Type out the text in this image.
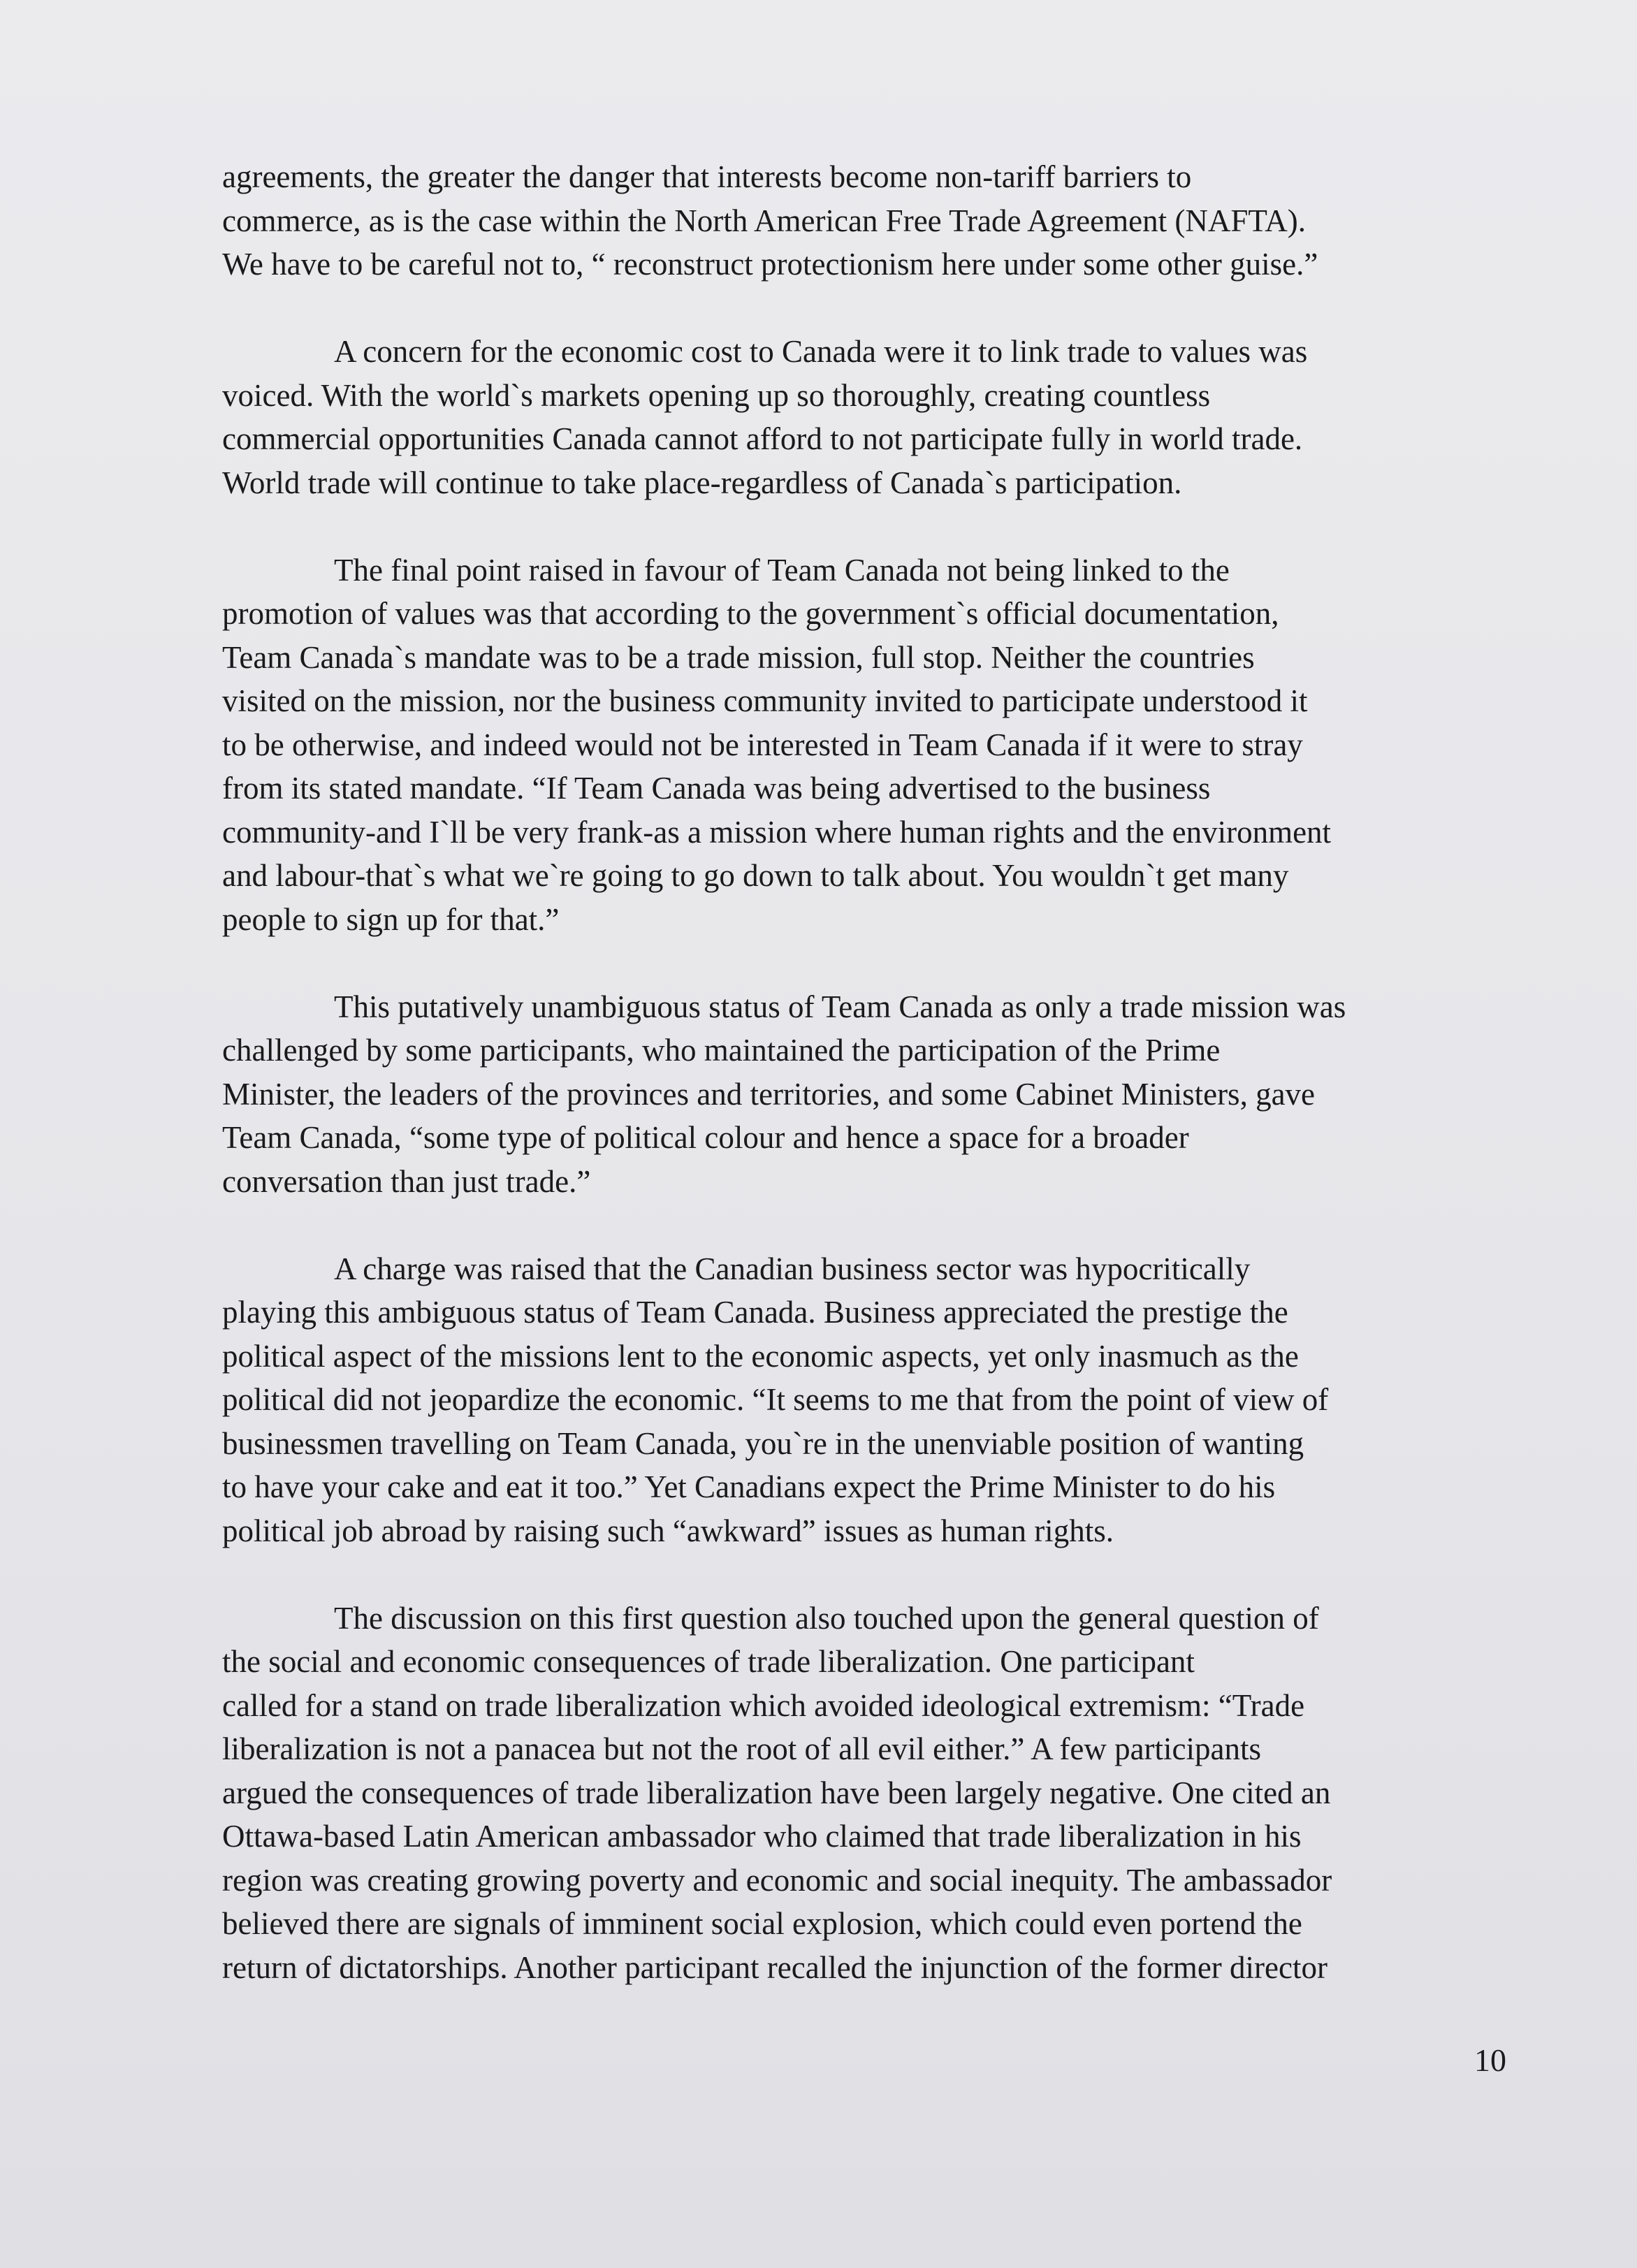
agreements, the greater the danger that interests become non-tariff barriers to
commerce, as is the case within the North American Free Trade Agreement (NAFTA).
We have to be careful not to, “ reconstruct protectionism here under some other guise.”
A concern for the economic cost to Canada were it to link trade to values was
voiced. With the world`s markets opening up so thoroughly, creating countless
commercial opportunities Canada cannot afford to not participate fully in world trade.
World trade will continue to take place-regardless of Canada`s participation.
The final point raised in favour of Team Canada not being linked to the
promotion of values was that according to the government`s official documentation,
Team Canada`s mandate was to be a trade mission, full stop. Neither the countries
visited on the mission, nor the business community invited to participate understood it
to be otherwise, and indeed would not be interested in Team Canada if it were to stray
from its stated mandate. “If Team Canada was being advertised to the business
community-and I`ll be very frank-as a mission where human rights and the environment
and labour-that`s what we`re going to go down to talk about. You wouldn`t get many
people to sign up for that.”
This putatively unambiguous status of Team Canada as only a trade mission was
challenged by some participants, who maintained the participation of the Prime
Minister, the leaders of the provinces and territories, and some Cabinet Ministers, gave
Team Canada, “some type of political colour and hence a space for a broader
conversation than just trade.”
A charge was raised that the Canadian business sector was hypocritically
playing this ambiguous status of Team Canada. Business appreciated the prestige the
political aspect of the missions lent to the economic aspects, yet only inasmuch as the
political did not jeopardize the economic. “It seems to me that from the point of view of
businessmen travelling on Team Canada, you`re in the unenviable position of wanting
to have your cake and eat it too.” Yet Canadians expect the Prime Minister to do his
political job abroad by raising such “awkward” issues as human rights.
The discussion on this first question also touched upon the general question of
the social and economic consequences of trade liberalization. One participant
called for a stand on trade liberalization which avoided ideological extremism: “Trade
liberalization is not a panacea but not the root of all evil either.” A few participants
argued the consequences of trade liberalization have been largely negative. One cited an
Ottawa-based Latin American ambassador who claimed that trade liberalization in his
region was creating growing poverty and economic and social inequity. The ambassador
believed there are signals of imminent social explosion, which could even portend the
return of dictatorships. Another participant recalled the injunction of the former director
10
